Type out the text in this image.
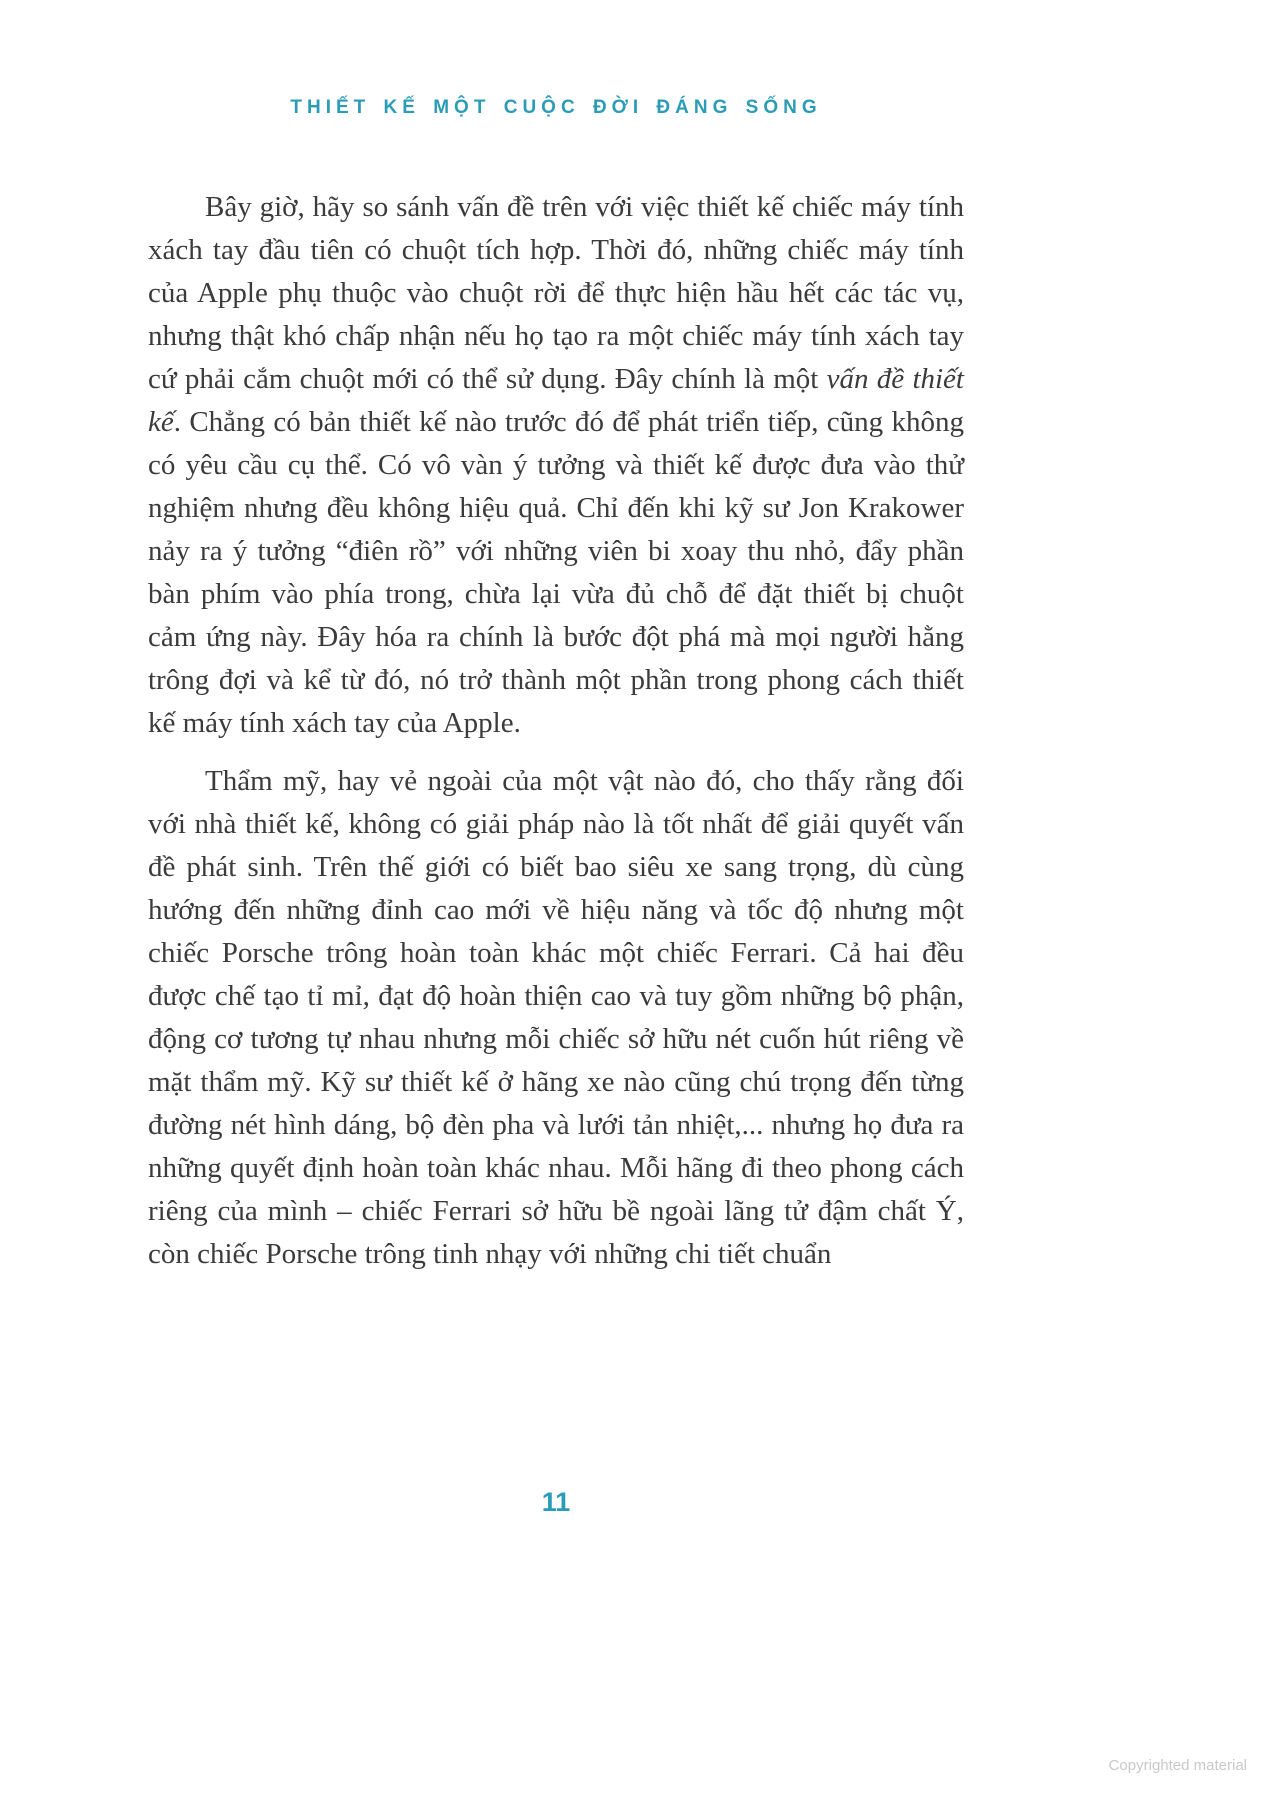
THIẾT KẾ MỘT CUỘC ĐỜI ĐÁNG SỐNG

Bây giờ, hãy so sánh vấn đề trên với việc thiết kế chiếc máy tính xách tay đầu tiên có chuột tích hợp. Thời đó, những chiếc máy tính của Apple phụ thuộc vào chuột rời để thực hiện hầu hết các tác vụ, nhưng thật khó chấp nhận nếu họ tạo ra một chiếc máy tính xách tay cứ phải cắm chuột mới có thể sử dụng. Đây chính là một vấn đề thiết kế. Chẳng có bản thiết kế nào trước đó để phát triển tiếp, cũng không có yêu cầu cụ thể. Có vô vàn ý tưởng và thiết kế được đưa vào thử nghiệm nhưng đều không hiệu quả. Chỉ đến khi kỹ sư Jon Krakower nảy ra ý tưởng “điên rồ” với những viên bi xoay thu nhỏ, đẩy phần bàn phím vào phía trong, chừa lại vừa đủ chỗ để đặt thiết bị chuột cảm ứng này. Đây hóa ra chính là bước đột phá mà mọi người hằng trông đợi và kể từ đó, nó trở thành một phần trong phong cách thiết kế máy tính xách tay của Apple.

Thẩm mỹ, hay vẻ ngoài của một vật nào đó, cho thấy rằng đối với nhà thiết kế, không có giải pháp nào là tốt nhất để giải quyết vấn đề phát sinh. Trên thế giới có biết bao siêu xe sang trọng, dù cùng hướng đến những đỉnh cao mới về hiệu năng và tốc độ nhưng một chiếc Porsche trông hoàn toàn khác một chiếc Ferrari. Cả hai đều được chế tạo tỉ mỉ, đạt độ hoàn thiện cao và tuy gồm những bộ phận, động cơ tương tự nhau nhưng mỗi chiếc sở hữu nét cuốn hút riêng về mặt thẩm mỹ. Kỹ sư thiết kế ở hãng xe nào cũng chú trọng đến từng đường nét hình dáng, bộ đèn pha và lưới tản nhiệt,... nhưng họ đưa ra những quyết định hoàn toàn khác nhau. Mỗi hãng đi theo phong cách riêng của mình – chiếc Ferrari sở hữu bề ngoài lãng tử đậm chất Ý, còn chiếc Porsche trông tinh nhạy với những chi tiết chuẩn

11
Copyrighted material
